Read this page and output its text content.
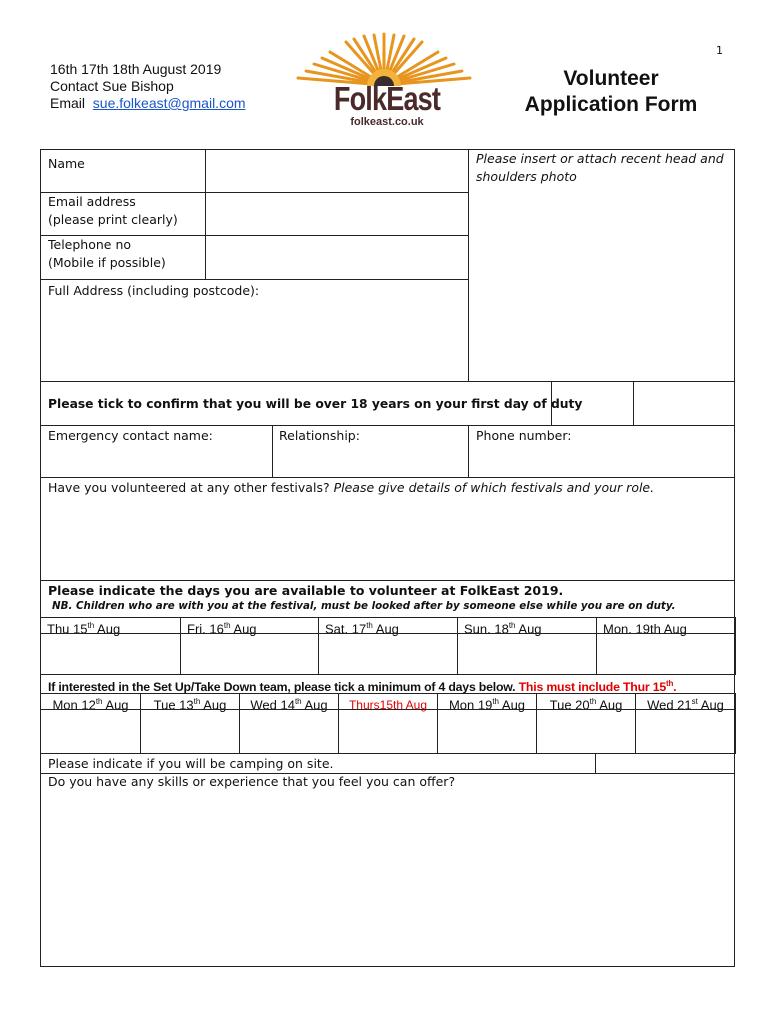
1
16th 17th 18th August 2019
Contact Sue Bishop
Email sue.folkeast@gmail.com	FolkEast
folkeast.co.uk
Volunteer
Application Form
Name
Email address
(please print clearly)
Telephone no
(Mobile if possible)
Full Address (including postcode):
Please insert or attach recent head and shoulders photo
Please tick to confirm that you will be over 18 years on your first day of duty
Emergency contact name:	Relationship:	Phone number:
Have you volunteered at any other festivals? Please give details of which festivals and your role.
Please indicate the days you are available to volunteer at FolkEast 2019.
NB. Children who are with you at the festival, must be looked after by someone else while you are on duty.
Thu 15th Aug	Fri. 16th Aug	Sat. 17th Aug	Sun. 18th Aug	Mon. 19th Aug
If interested in the Set Up/Take Down team, please tick a minimum of 4 days below. This must include Thur 15th.
Mon 12th Aug	Tue 13th Aug	Wed 14th Aug	Thurs15th Aug	Mon 19th Aug	Tue 20th Aug	Wed 21st Aug
Please indicate if you will be camping on site.
Do you have any skills or experience that you feel you can offer?
